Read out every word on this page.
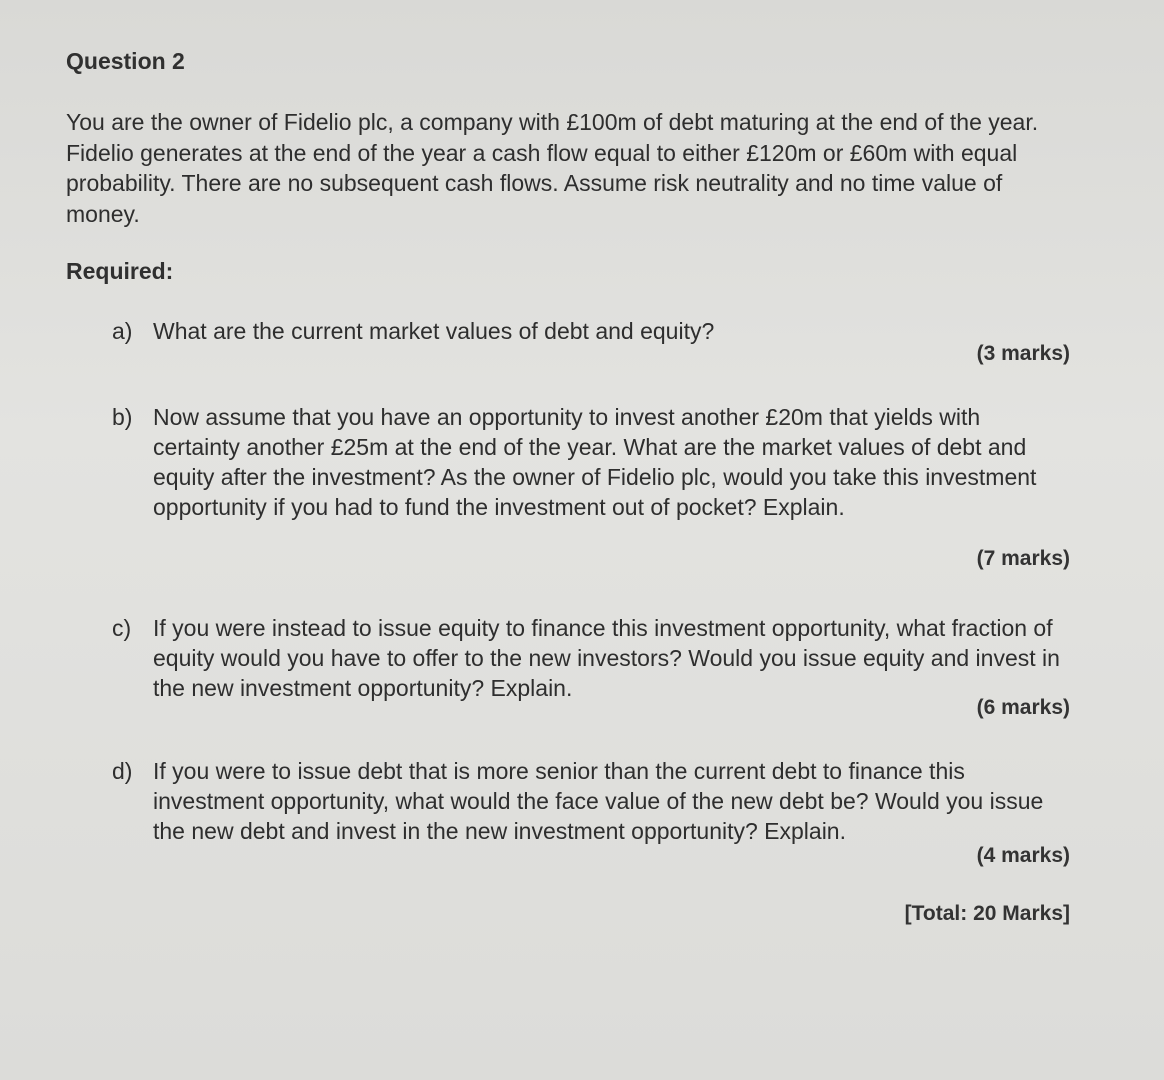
Question 2
You are the owner of Fidelio plc, a company with £100m of debt maturing at the end of the year. Fidelio generates at the end of the year a cash flow equal to either £120m or £60m with equal probability. There are no subsequent cash flows. Assume risk neutrality and no time value of money.
Required:
a) What are the current market values of debt and equity?
(3 marks)
b) Now assume that you have an opportunity to invest another £20m that yields with certainty another £25m at the end of the year. What are the market values of debt and equity after the investment? As the owner of Fidelio plc, would you take this investment opportunity if you had to fund the investment out of pocket? Explain.
(7 marks)
c) If you were instead to issue equity to finance this investment opportunity, what fraction of equity would you have to offer to the new investors? Would you issue equity and invest in the new investment opportunity? Explain.
(6 marks)
d) If you were to issue debt that is more senior than the current debt to finance this investment opportunity, what would the face value of the new debt be? Would you issue the new debt and invest in the new investment opportunity? Explain.
(4 marks)
[Total: 20 Marks]
